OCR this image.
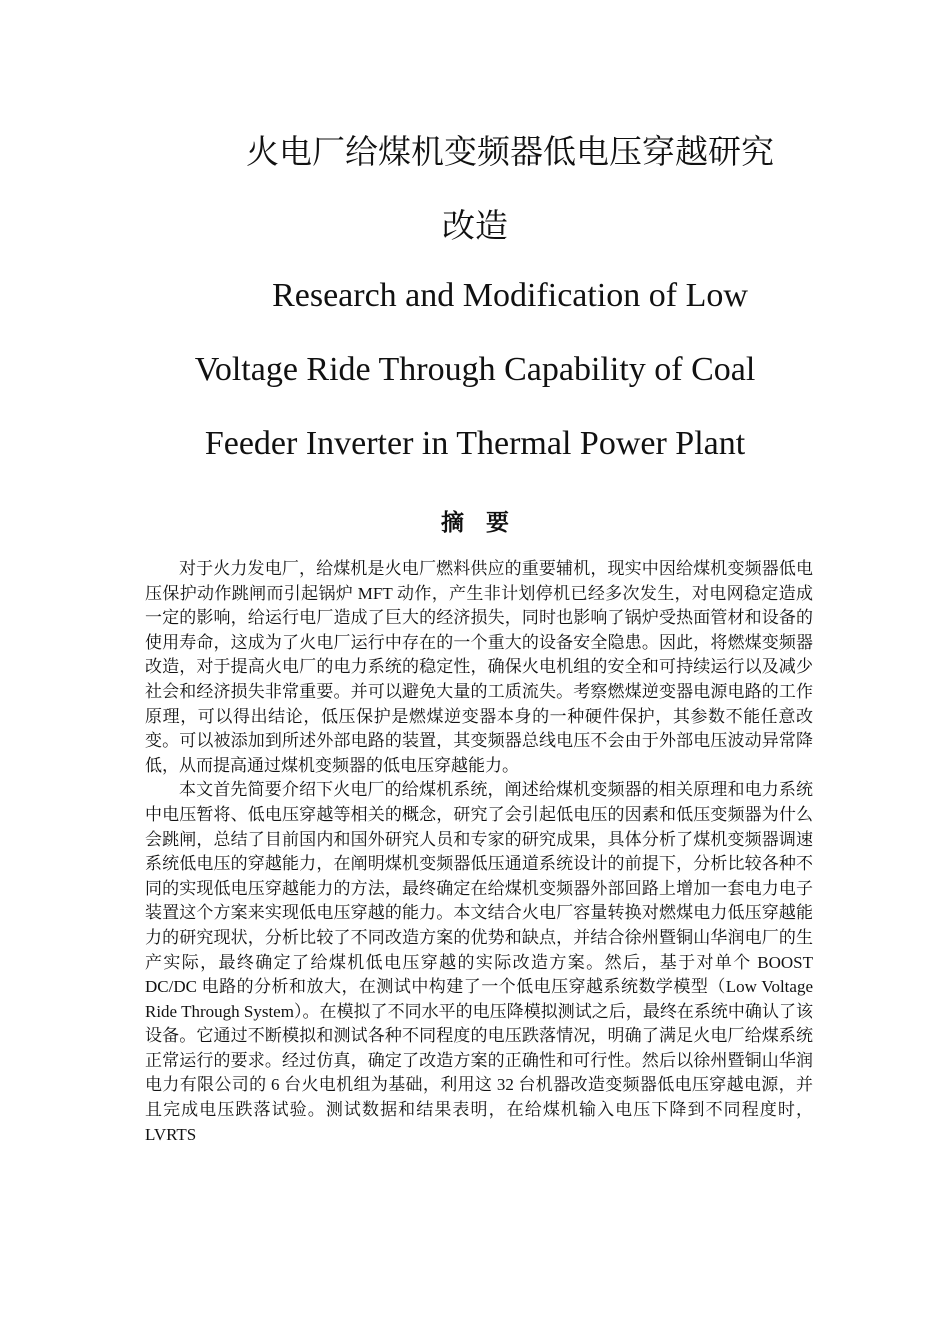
火电厂给煤机变频器低电压穿越研究
改造
Research and Modification of Low
Voltage Ride Through Capability of Coal
Feeder Inverter in Thermal Power Plant
摘要

对于火力发电厂，给煤机是火电厂燃料供应的重要辅机，现实中因给煤机变频器低电压保护动作跳闸而引起锅炉 MFT 动作，产生非计划停机已经多次发生，对电网稳定造成一定的影响，给运行电厂造成了巨大的经济损失，同时也影响了锅炉受热面管材和设备的使用寿命，这成为了火电厂运行中存在的一个重大的设备安全隐患。因此，将燃煤变频器改造，对于提高火电厂的电力系统的稳定性，确保火电机组的安全和可持续运行以及减少社会和经济损失非常重要。并可以避免大量的工质流失。考察燃煤逆变器电源电路的工作原理，可以得出结论，低压保护是燃煤逆变器本身的一种硬件保护，其参数不能任意改变。可以被添加到所述外部电路的装置，其变频器总线电压不会由于外部电压波动异常降低，从而提高通过煤机变频器的低电压穿越能力。

本文首先简要介绍下火电厂的给煤机系统，阐述给煤机变频器的相关原理和电力系统中电压暂将、低电压穿越等相关的概念，研究了会引起低电压的因素和低压变频器为什么会跳闸，总结了目前国内和国外研究人员和专家的研究成果，具体分析了煤机变频器调速系统低电压的穿越能力，在阐明煤机变频器低压通道系统设计的前提下，分析比较各种不同的实现低电压穿越能力的方法，最终确定在给煤机变频器外部回路上增加一套电力电子装置这个方案来实现低电压穿越的能力。本文结合火电厂容量转换对燃煤电力低压穿越能力的研究现状，分析比较了不同改造方案的优势和缺点，并结合徐州暨铜山华润电厂的生产实际，最终确定了给煤机低电压穿越的实际改造方案。然后，基于对单个 BOOST DC/DC 电路的分析和放大，在测试中构建了一个低电压穿越系统数学模型（Low Voltage Ride Through System）。在模拟了不同水平的电压降模拟测试之后，最终在系统中确认了该设备。它通过不断模拟和测试各种不同程度的电压跌落情况，明确了满足火电厂给煤系统正常运行的要求。经过仿真，确定了改造方案的正确性和可行性。然后以徐州暨铜山华润电力有限公司的 6 台火电机组为基础，利用这 32 台机器改造变频器低电压穿越电源，并且完成电压跌落试验。测试数据和结果表明，在给煤机输入电压下降到不同程度时，LVRTS
